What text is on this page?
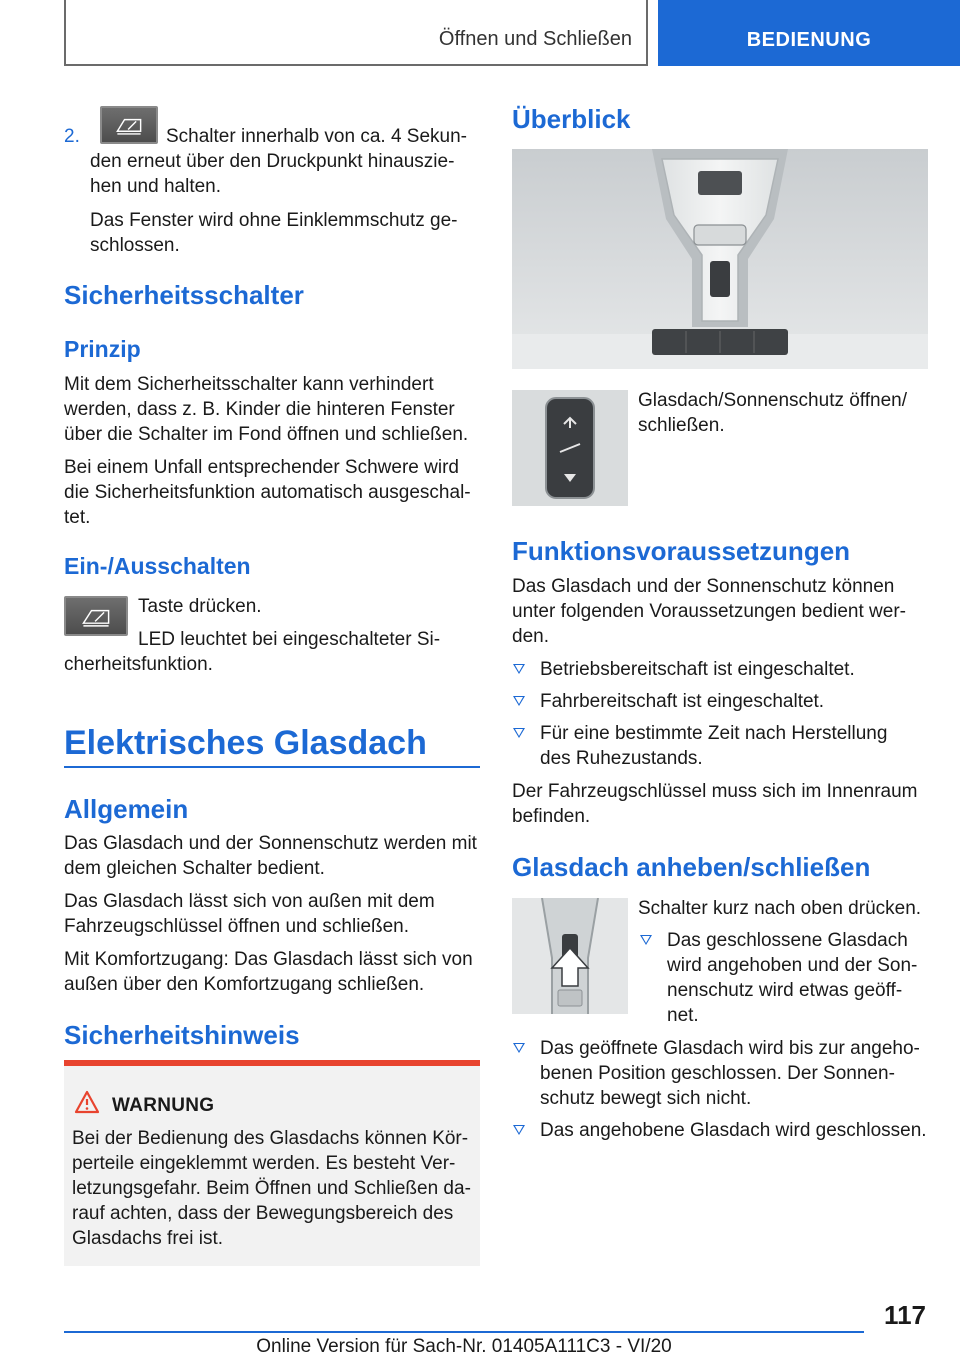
Öffnen und Schließen	BEDIENUNG
2.	Schalter innerhalb von ca. 4 Sekun-
den erneut über den Druckpunkt hinauszie-
hen und halten.
Das Fenster wird ohne Einklemmschutz ge-
schlossen.
Sicherheitsschalter
Prinzip
Mit dem Sicherheitsschalter kann verhindert
werden, dass z. B. Kinder die hinteren Fenster
über die Schalter im Fond öffnen und schließen.
Bei einem Unfall entsprechender Schwere wird
die Sicherheitsfunktion automatisch ausgeschal-
tet.
Ein-/Ausschalten
Taste drücken.
LED leuchtet bei eingeschalteter Si-
cherheitsfunktion.
Elektrisches Glasdach
Allgemein
Das Glasdach und der Sonnenschutz werden mit
dem gleichen Schalter bedient.
Das Glasdach lässt sich von außen mit dem
Fahrzeugschlüssel öffnen und schließen.
Mit Komfortzugang: Das Glasdach lässt sich von
außen über den Komfortzugang schließen.
Sicherheitshinweis
WARNUNG
Bei der Bedienung des Glasdachs können Kör-
perteile eingeklemmt werden. Es besteht Ver-
letzungsgefahr. Beim Öffnen und Schließen da-
rauf achten, dass der Bewegungsbereich des
Glasdachs frei ist.
Überblick
Glasdach/Sonnenschutz öffnen/
schließen.
Funktionsvoraussetzungen
Das Glasdach und der Sonnenschutz können
unter folgenden Voraussetzungen bedient wer-
den.
Betriebsbereitschaft ist eingeschaltet.
Fahrbereitschaft ist eingeschaltet.
Für eine bestimmte Zeit nach Herstellung
des Ruhezustands.
Der Fahrzeugschlüssel muss sich im Innenraum
befinden.
Glasdach anheben/schließen
Schalter kurz nach oben drücken.
Das geschlossene Glasdach
wird angehoben und der Son-
nenschutz wird etwas geöff-
net.
Das geöffnete Glasdach wird bis zur angeho-
benen Position geschlossen. Der Sonnen-
schutz bewegt sich nicht.
Das angehobene Glasdach wird geschlossen.
117
Online Version für Sach-Nr. 01405A111C3 - VI/20
